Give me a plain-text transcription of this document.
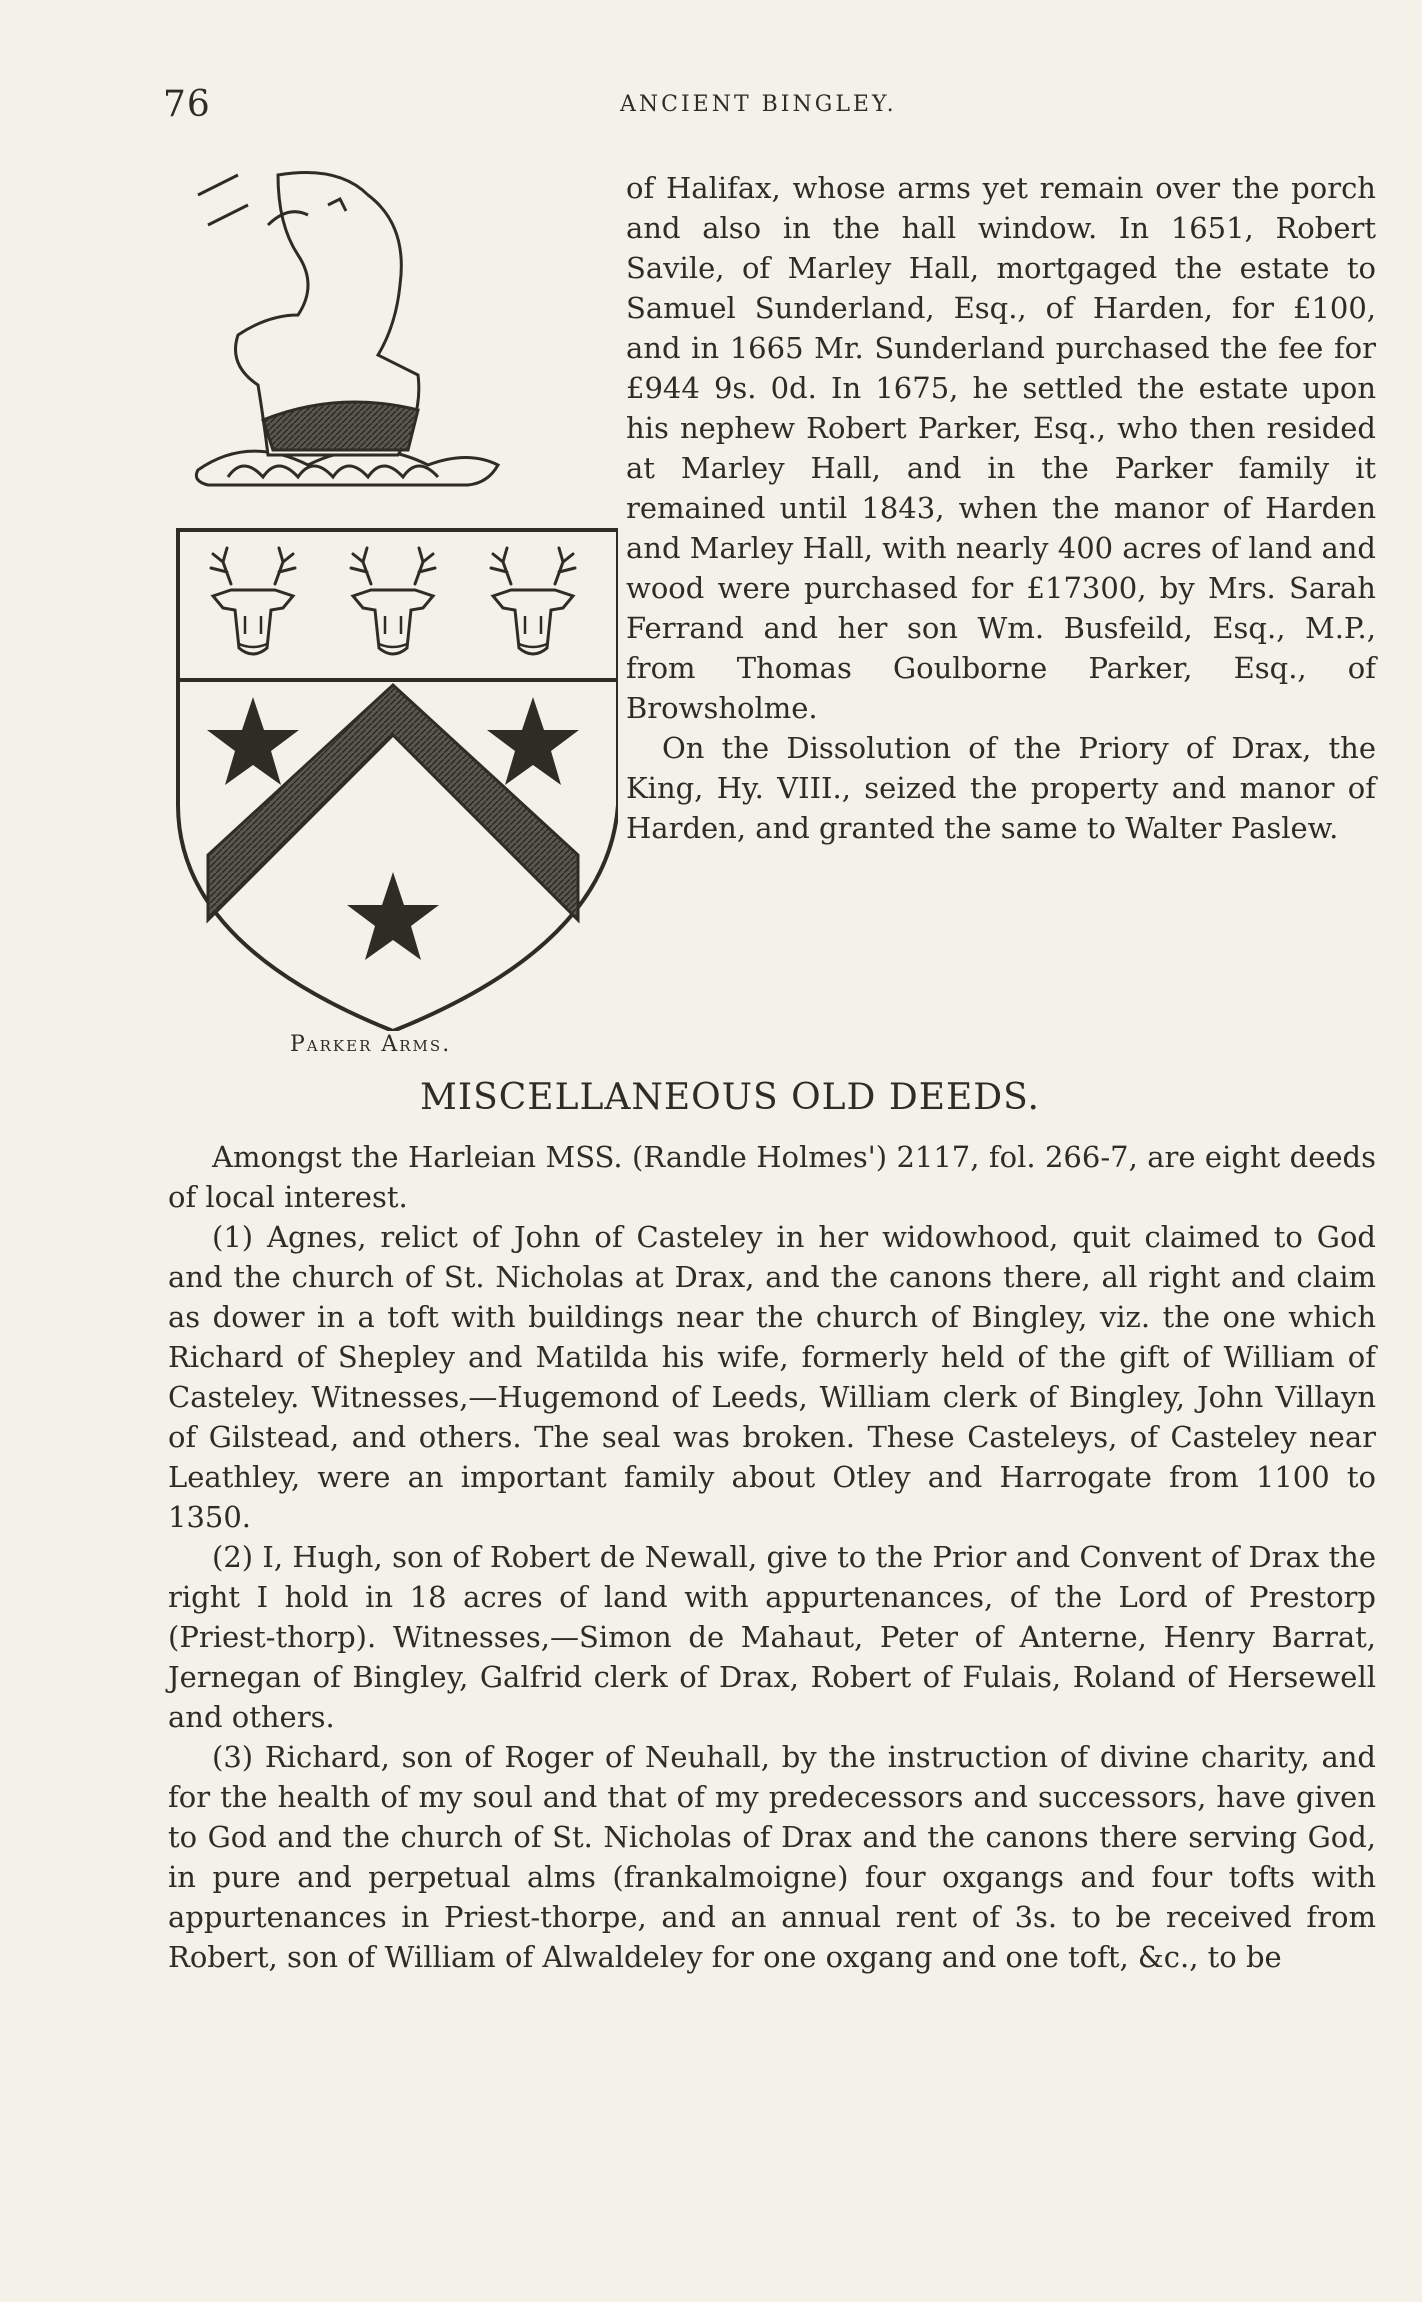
76	ANCIENT BINGLEY.
Parker Arms.

of Halifax, whose arms yet remain over the porch and also in the hall window. In 1651, Robert Savile, of Marley Hall, mortgaged the estate to Samuel Sunderland, Esq., of Harden, for £100, and in 1665 Mr. Sunderland purchased the fee for £944 9s. 0d. In 1675, he settled the estate upon his nephew Robert Parker, Esq., who then resided at Marley Hall, and in the Parker family it remained until 1843, when the manor of Harden and Marley Hall, with nearly 400 acres of land and wood were purchased for £17300, by Mrs. Sarah Ferrand and her son Wm. Busfeild, Esq., M.P., from Thomas Goulborne Parker, Esq., of Browsholme.
On the Dissolution of the Priory of Drax, the King, Hy. VIII., seized the property and manor of Harden, and granted the same to Walter Paslew.

MISCELLANEOUS OLD DEEDS.

Amongst the Harleian MSS. (Randle Holmes') 2117, fol. 266-7, are eight deeds of local interest.

(1) Agnes, relict of John of Casteley in her widowhood, quit claimed to God and the church of St. Nicholas at Drax, and the canons there, all right and claim as dower in a toft with buildings near the church of Bingley, viz. the one which Richard of Shepley and Matilda his wife, formerly held of the gift of William of Casteley. Witnesses,—Hugemond of Leeds, William clerk of Bingley, John Villayn of Gilstead, and others. The seal was broken. These Casteleys, of Casteley near Leathley, were an important family about Otley and Harrogate from 1100 to 1350.

(2) I, Hugh, son of Robert de Newall, give to the Prior and Convent of Drax the right I hold in 18 acres of land with appurtenances, of the Lord of Prestorp (Priest-thorp). Witnesses,—Simon de Mahaut, Peter of Anterne, Henry Barrat, Jernegan of Bingley, Galfrid clerk of Drax, Robert of Fulais, Roland of Hersewell and others.

(3) Richard, son of Roger of Neuhall, by the instruction of divine charity, and for the health of my soul and that of my predecessors and successors, have given to God and the church of St. Nicholas of Drax and the canons there serving God, in pure and perpetual alms (frankalmoigne) four oxgangs and four tofts with appurtenances in Priest-thorpe, and an annual rent of 3s. to be received from Robert, son of William of Alwaldeley for one oxgang and one toft, &c., to be
